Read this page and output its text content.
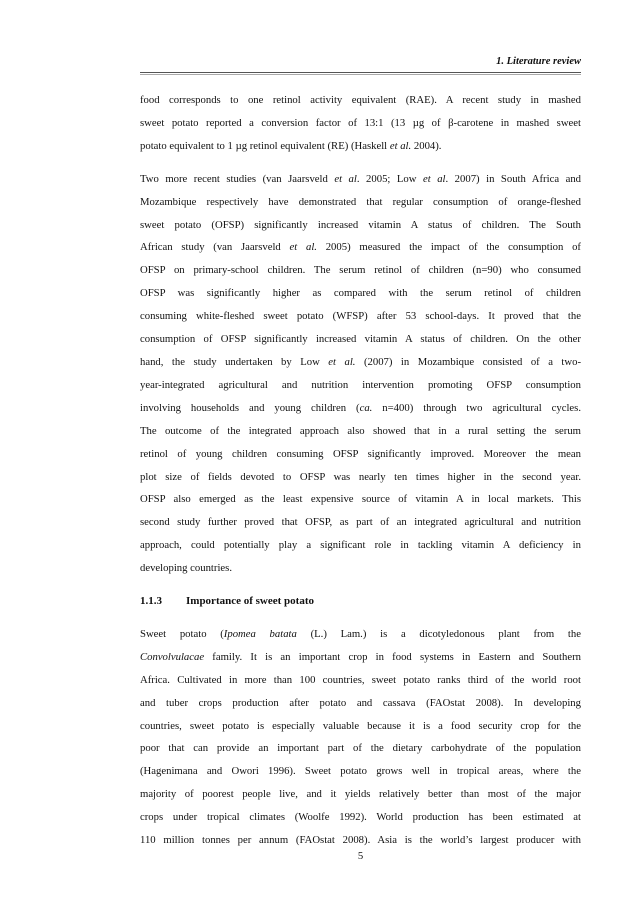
1. Literature review

food corresponds to one retinol activity equivalent (RAE). A recent study in mashed
sweet potato reported a conversion factor of 13:1 (13 µg of β-carotene in mashed sweet
potato equivalent to 1 µg retinol equivalent (RE) (Haskell et al. 2004).

Two more recent studies (van Jaarsveld et al. 2005; Low et al. 2007) in South Africa and
Mozambique respectively have demonstrated that regular consumption of orange-fleshed
sweet potato (OFSP) significantly increased vitamin A status of children. The South
African study (van Jaarsveld et al. 2005) measured the impact of the consumption of
OFSP on primary-school children. The serum retinol of children (n=90) who consumed
OFSP was significantly higher as compared with the serum retinol of children
consuming white-fleshed sweet potato (WFSP) after 53 school-days. It proved that the
consumption of OFSP significantly increased vitamin A status of children. On the other
hand, the study undertaken by Low et al. (2007) in Mozambique consisted of a two-
year-integrated agricultural and nutrition intervention promoting OFSP consumption
involving households and young children (ca. n=400) through two agricultural cycles.
The outcome of the integrated approach also showed that in a rural setting the serum
retinol of young children consuming OFSP significantly improved. Moreover the mean
plot size of fields devoted to OFSP was nearly ten times higher in the second year.
OFSP also emerged as the least expensive source of vitamin A in local markets. This
second study further proved that OFSP, as part of an integrated agricultural and nutrition
approach, could potentially play a significant role in tackling vitamin A deficiency in
developing countries.

1.1.3 Importance of sweet potato

Sweet potato (Ipomea batata (L.) Lam.) is a dicotyledonous plant from the
Convolvulacae family. It is an important crop in food systems in Eastern and Southern
Africa. Cultivated in more than 100 countries, sweet potato ranks third of the world root
and tuber crops production after potato and cassava (FAOstat 2008). In developing
countries, sweet potato is especially valuable because it is a food security crop for the
poor that can provide an important part of the dietary carbohydrate of the population
(Hagenimana and Owori 1996). Sweet potato grows well in tropical areas, where the
majority of poorest people live, and it yields relatively better than most of the major
crops under tropical climates (Woolfe 1992). World production has been estimated at
110 million tonnes per annum (FAOstat 2008). Asia is the world’s largest producer with

5
